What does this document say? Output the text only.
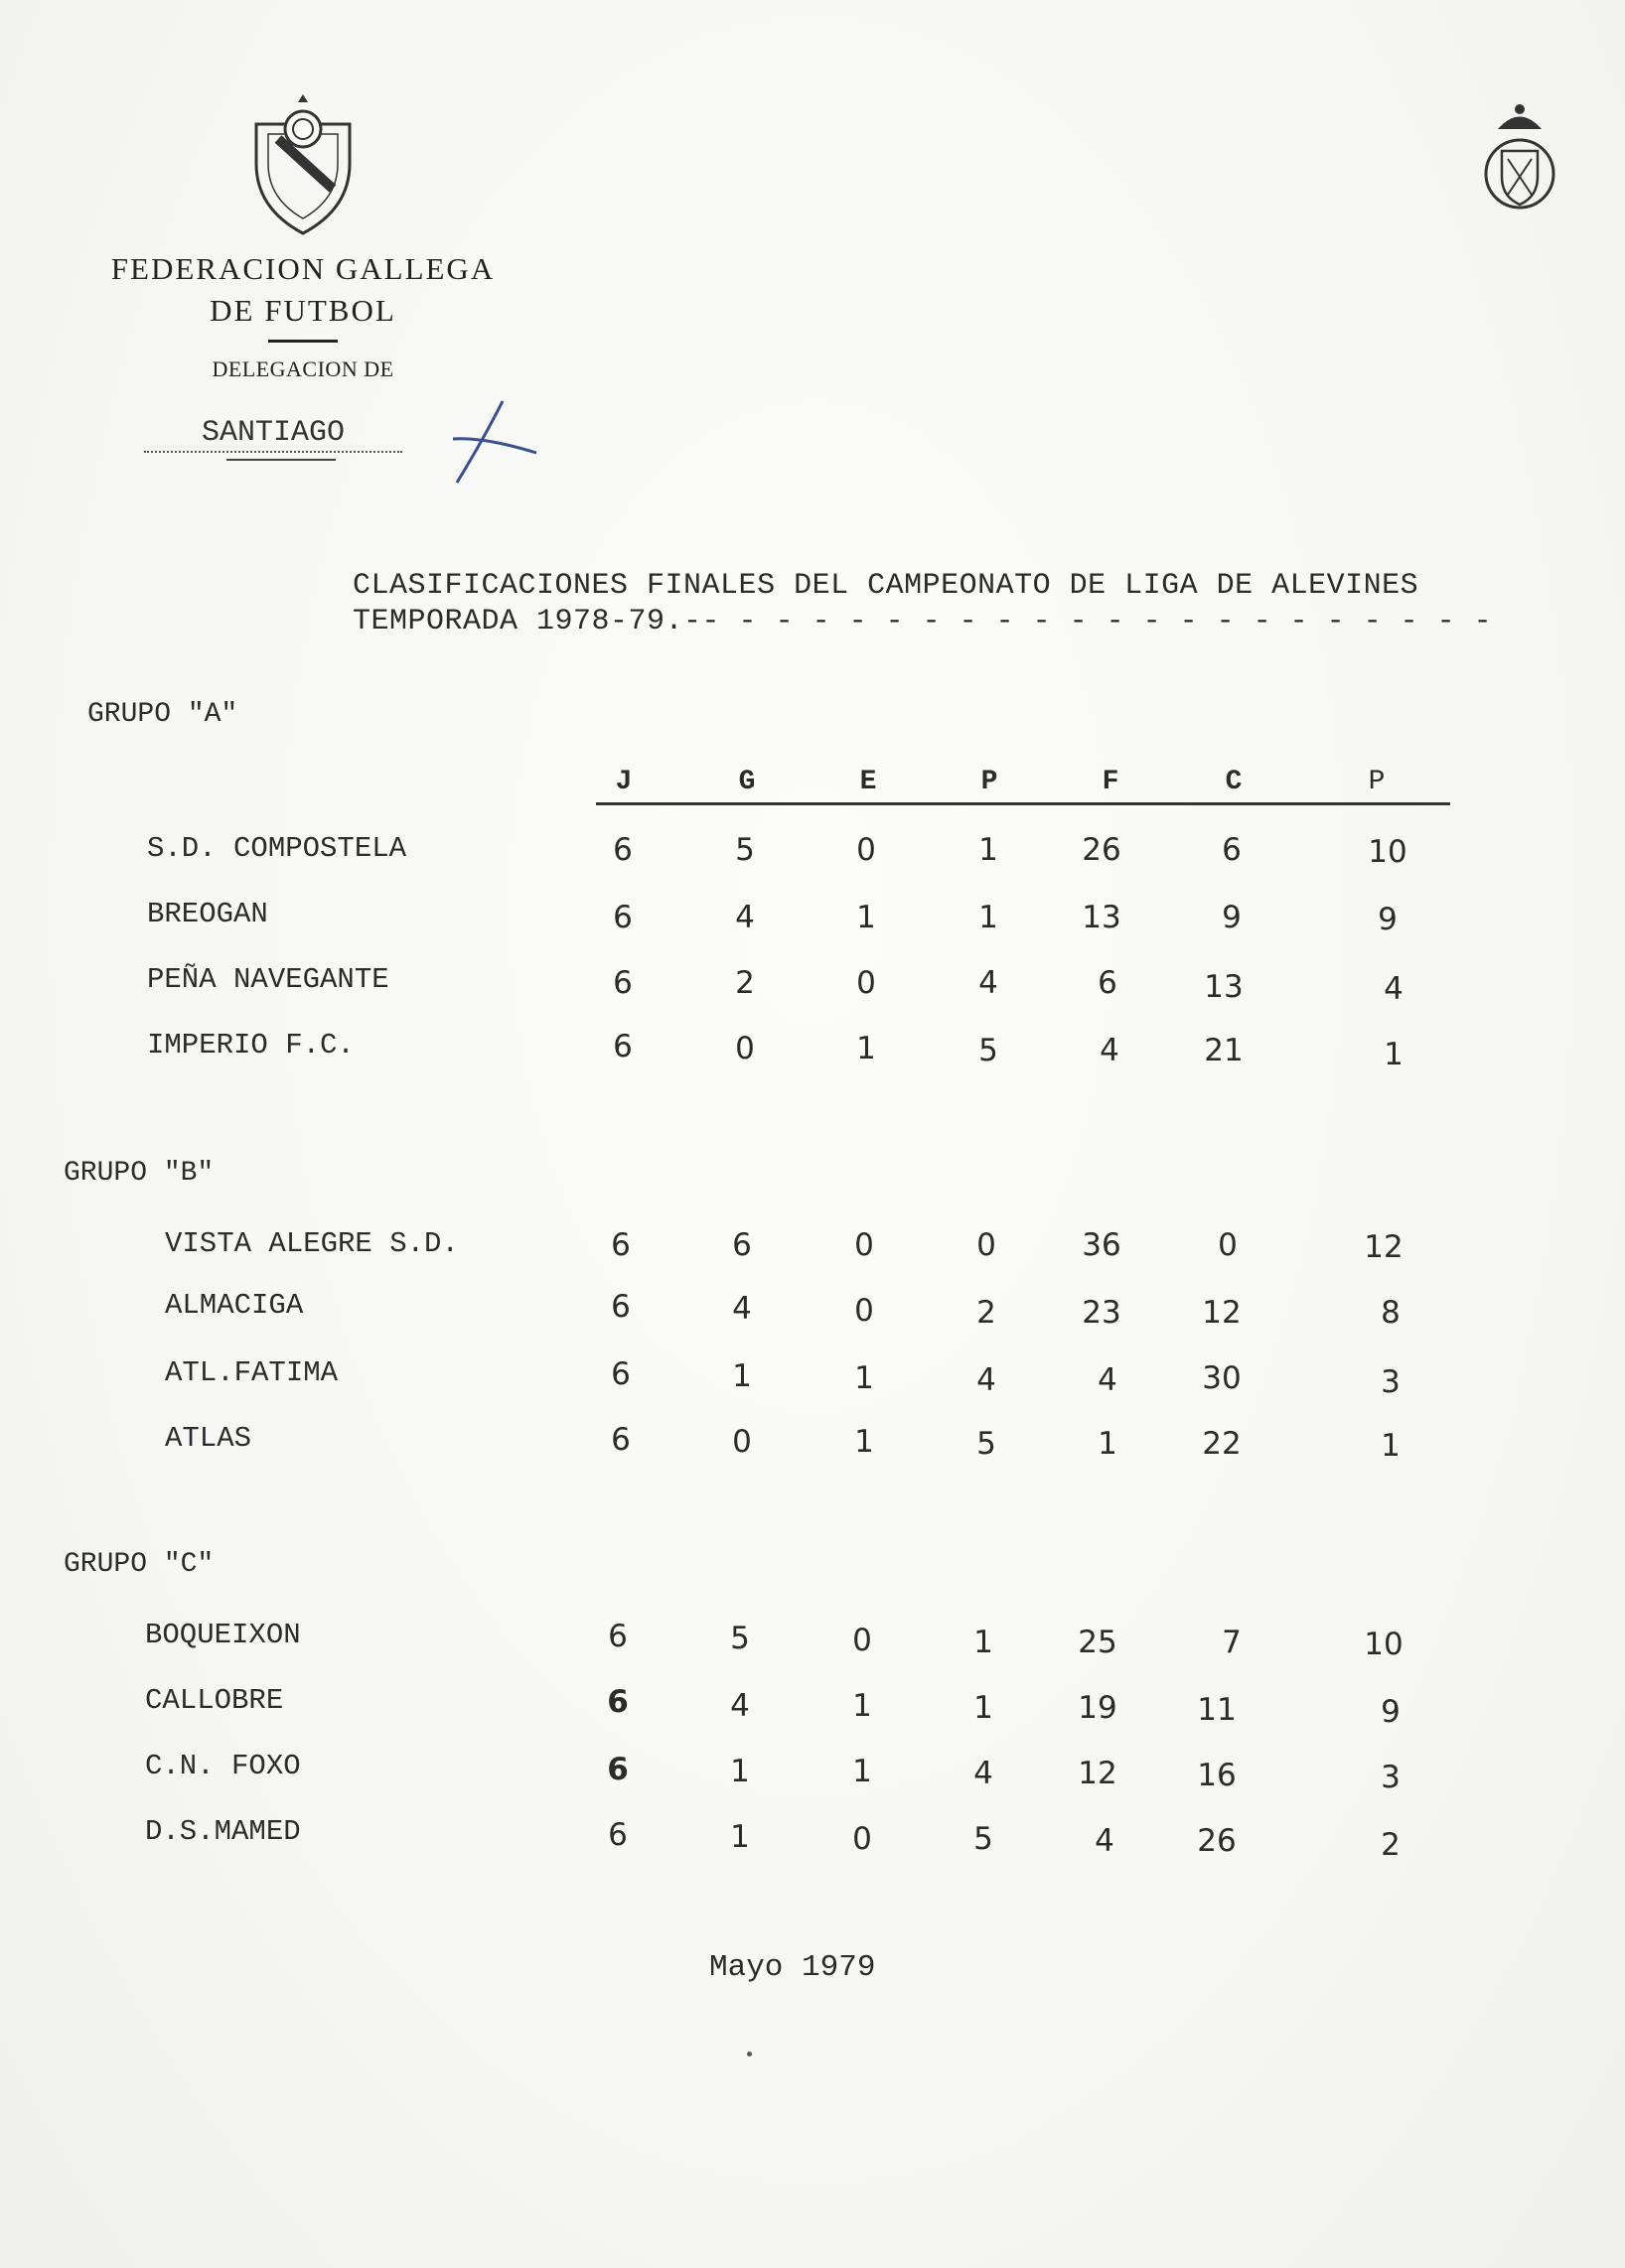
FEDERACION GALLEGA
DE FUTBOL
DELEGACION DE
SANTIAGO
CLASIFICACIONES FINALES DEL CAMPEONATO DE LIGA DE ALEVINES
TEMPORADA 1978-79.-- - - - - - - - - - - - - - - - - - - - - -
J	G	E	P	F	C	P
GRUPO "A"
S.D. COMPOSTELA	6	5	0	1	26	6	10
BREOGAN	6	4	1	1	13	9	9
PEÑA NAVEGANTE	6	2	0	4	6	13	4
IMPERIO F.C.	6	0	1	5	4	21	1
GRUPO "B"
VISTA ALEGRE S.D.	6	6	0	0	36	0	12
ALMACIGA	6	4	0	2	23	12	8
ATL.FATIMA	6	1	1	4	4	30	3
ATLAS	6	0	1	5	1	22	1
GRUPO "C"
BOQUEIXON	6	5	0	1	25	7	10
CALLOBRE	6	4	1	1	19	11	9
C.N. FOXO	6	1	1	4	12	16	3
D.S.MAMED	6	1	0	5	4	26	2
Mayo 1979
